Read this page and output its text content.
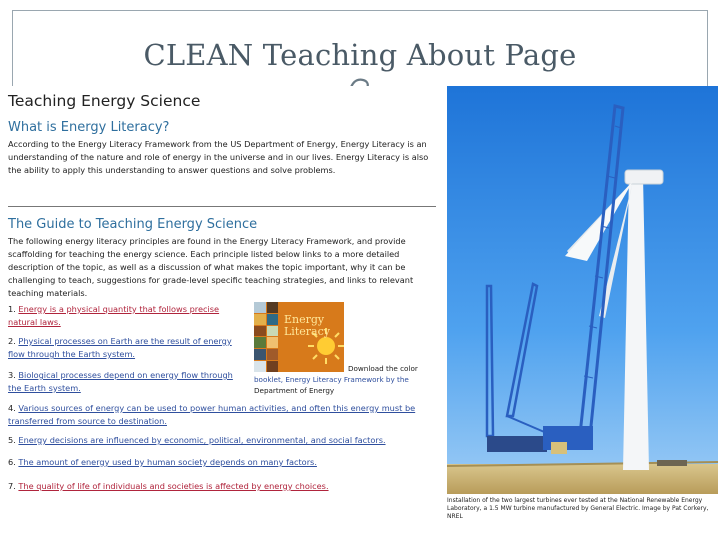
CLEAN Teaching About Page
Teaching Energy Science
What is Energy Literacy?
According to the Energy Literacy Framework from the US Department of Energy, Energy Literacy is an understanding of the nature and role of energy in the universe and in our lives. Energy Literacy is also the ability to apply this understanding to answer questions and solve problems.
The Guide to Teaching Energy Science
The following energy literacy principles are found in the Energy Literacy Framework, and provide scaffolding for teaching the energy science. Each principle listed below links to a more detailed description of the topic, as well as a discussion of what makes the topic important, why it can be challenging to teach, suggestions for grade-level specific teaching strategies, and links to relevant teaching materials.
1. Energy is a physical quantity that follows precise natural laws.
2. Physical processes on Earth are the result of energy flow through the Earth system.
3. Biological processes depend on energy flow through the Earth system.
4. Various sources of energy can be used to power human activities, and often this energy must be transferred from source to destination.
5. Energy decisions are influenced by economic, political, environmental, and social factors.
6. The amount of energy used by human society depends on many factors.
7. The quality of life of individuals and societies is affected by energy choices.
Energy Literacy
Download the color
booklet, Energy Literacy Framework by the
Department of Energy
Installation of the two largest turbines ever tested at the National Renewable Energy Laboratory, a 1.5 MW turbine manufactured by General Electric. Image by Pat Corkery, NREL
